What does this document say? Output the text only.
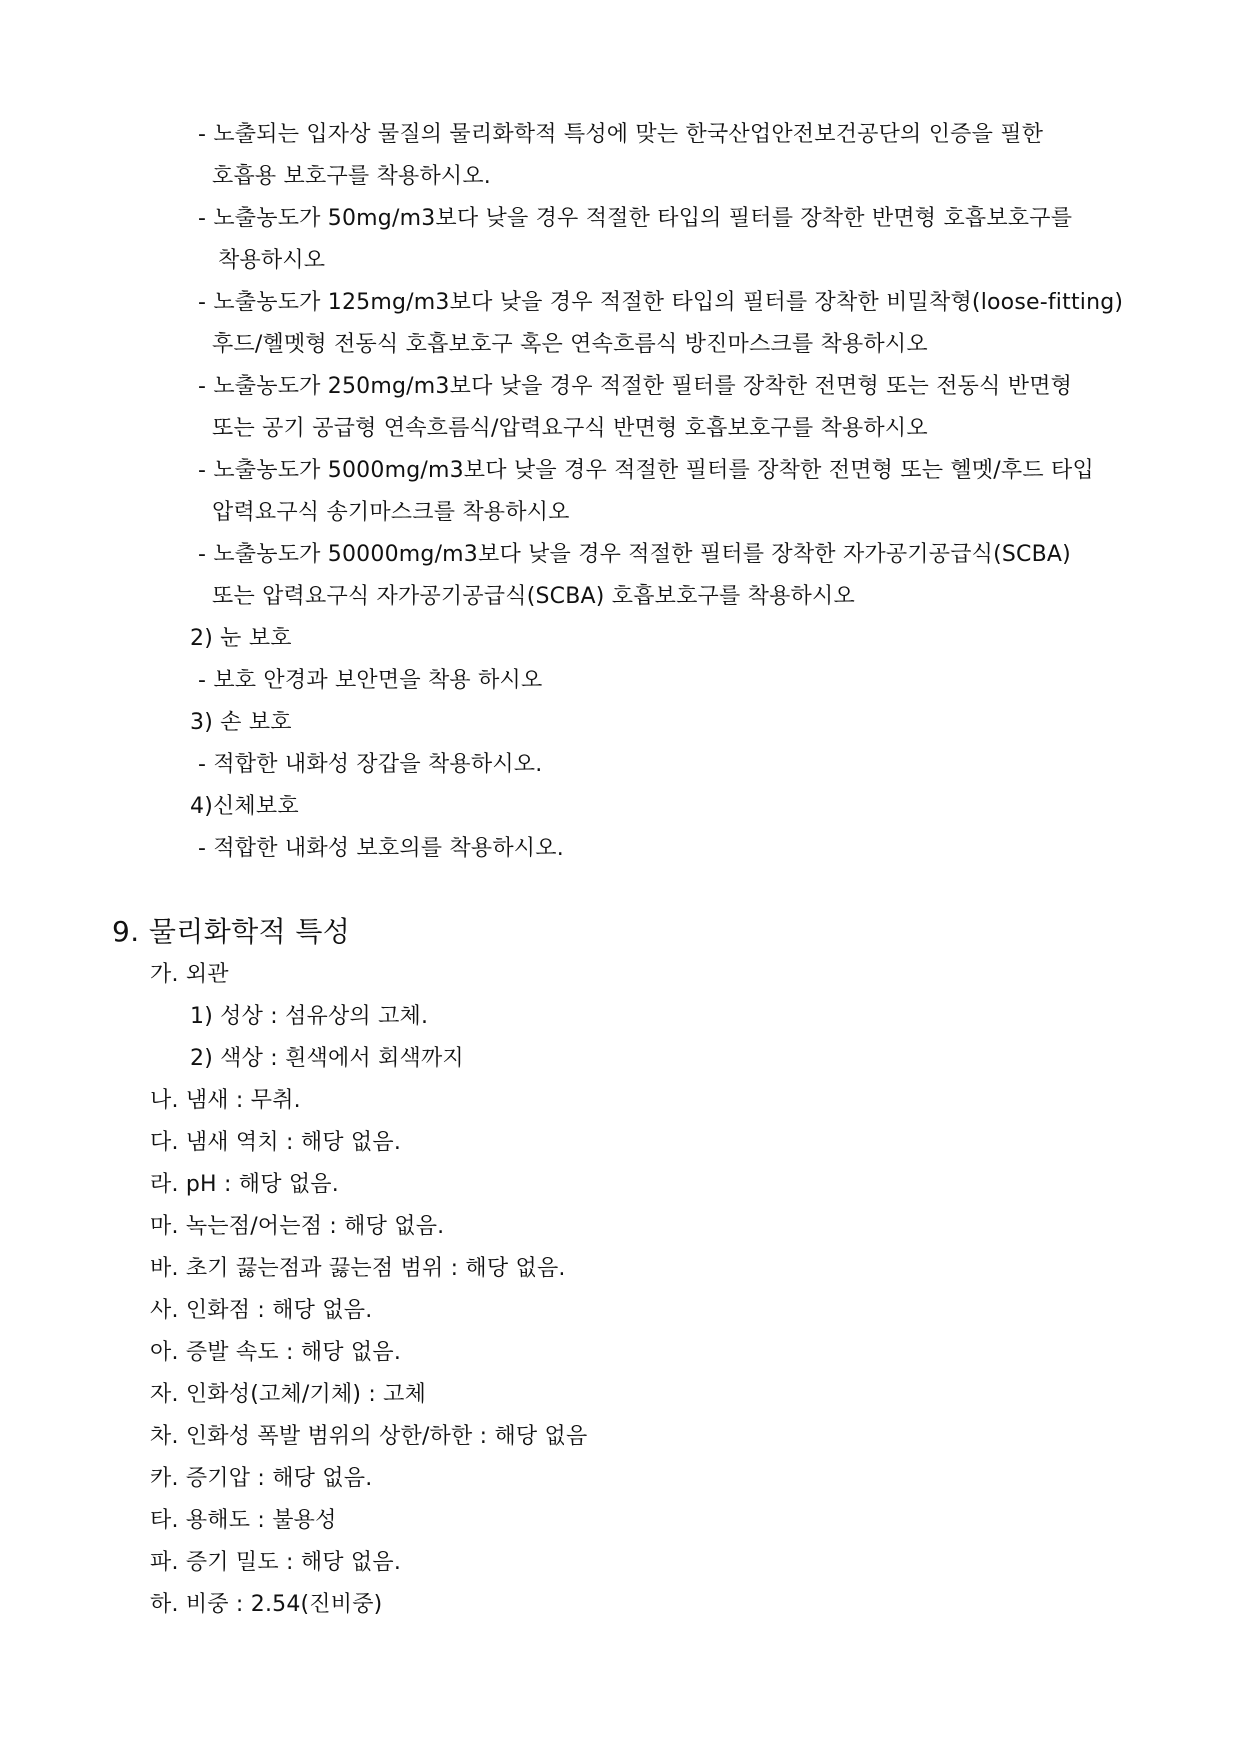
- 노출되는 입자상 물질의 물리화학적 특성에 맞는 한국산업안전보건공단의 인증을 필한
호흡용 보호구를 착용하시오.
- 노출농도가 50mg/m3보다 낮을 경우 적절한 타입의 필터를 장착한 반면형 호흡보호구를
착용하시오
- 노출농도가 125mg/m3보다 낮을 경우 적절한 타입의 필터를 장착한 비밀착형(loose-fitting)
후드/헬멧형 전동식 호흡보호구 혹은 연속흐름식 방진마스크를 착용하시오
- 노출농도가 250mg/m3보다 낮을 경우 적절한 필터를 장착한 전면형 또는 전동식 반면형
또는 공기 공급형 연속흐름식/압력요구식 반면형 호흡보호구를 착용하시오
- 노출농도가 5000mg/m3보다 낮을 경우 적절한 필터를 장착한 전면형 또는 헬멧/후드 타입
압력요구식 송기마스크를 착용하시오
- 노출농도가 50000mg/m3보다 낮을 경우 적절한 필터를 장착한 자가공기공급식(SCBA)
또는 압력요구식 자가공기공급식(SCBA) 호흡보호구를 착용하시오
2) 눈 보호
- 보호 안경과 보안면을 착용 하시오
3) 손 보호
- 적합한 내화성 장갑을 착용하시오.
4)신체보호
- 적합한 내화성 보호의를 착용하시오.
9. 물리화학적 특성
가. 외관
1) 성상 : 섬유상의 고체.
2) 색상 : 흰색에서 회색까지
나. 냄새 : 무취.
다. 냄새 역치 : 해당 없음.
라. pH : 해당 없음.
마. 녹는점/어는점 : 해당 없음.
바. 초기 끓는점과 끓는점 범위 : 해당 없음.
사. 인화점 : 해당 없음.
아. 증발 속도 : 해당 없음.
자. 인화성(고체/기체) : 고체
차. 인화성 폭발 범위의 상한/하한 : 해당 없음
카. 증기압 : 해당 없음.
타. 용해도 : 불용성
파. 증기 밀도 : 해당 없음.
하. 비중 : 2.54(진비중)
